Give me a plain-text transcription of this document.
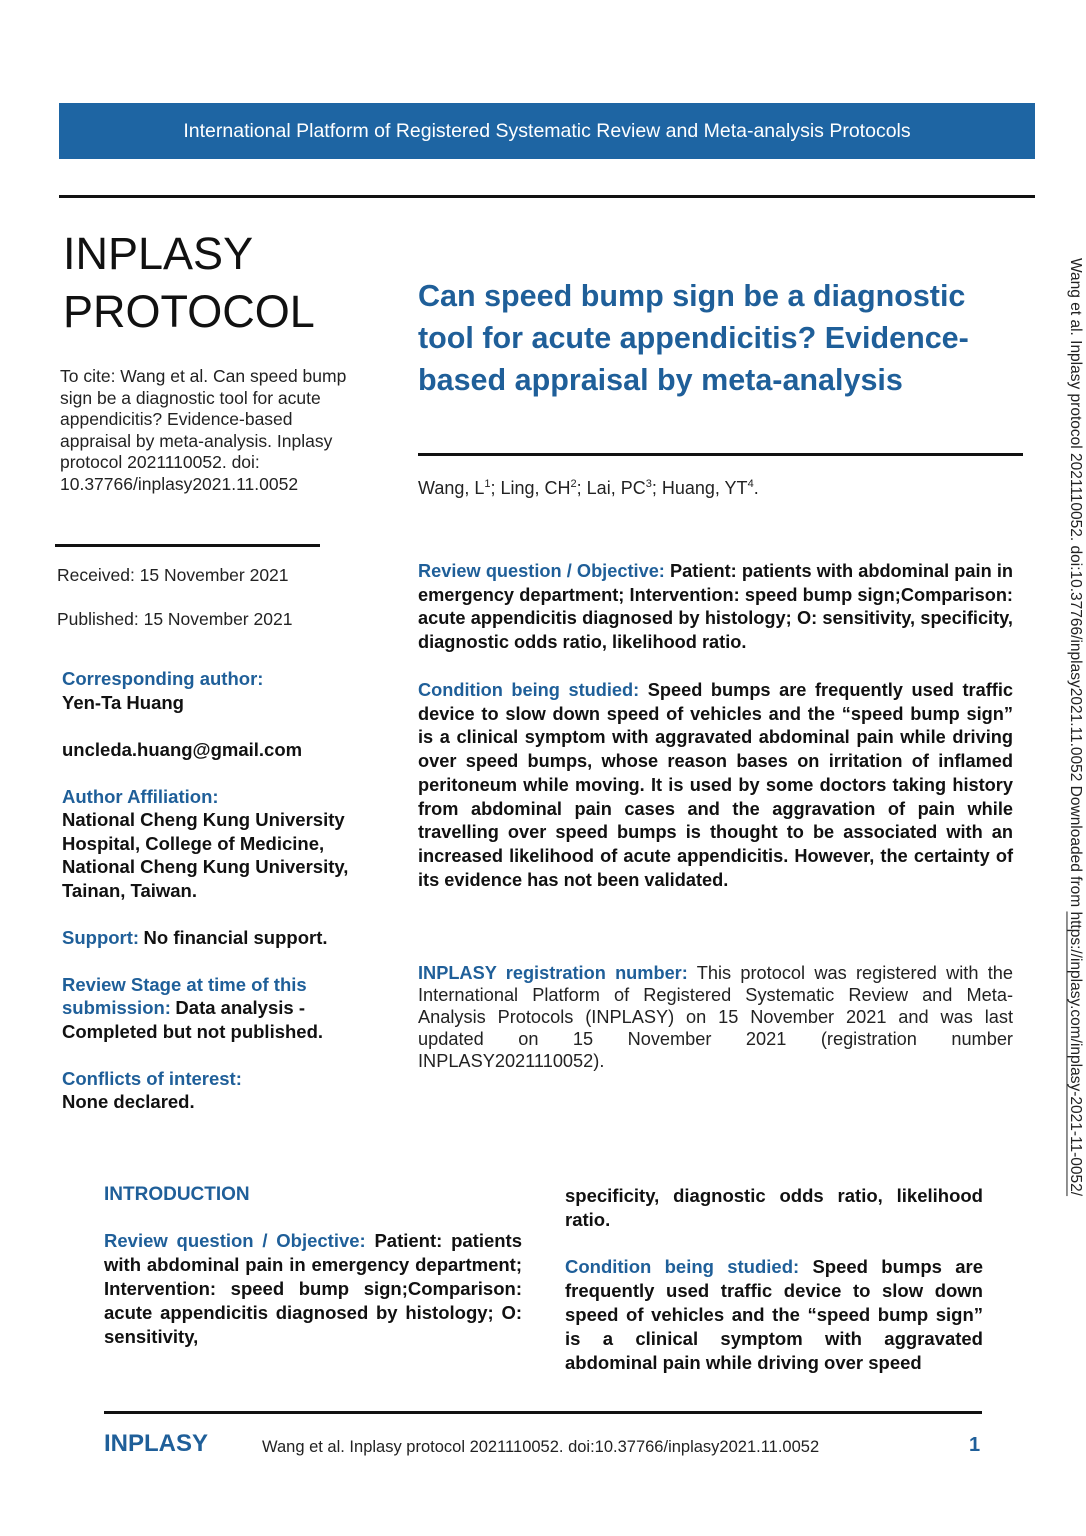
International Platform of Registered Systematic Review and Meta-analysis Protocols
INPLASY
PROTOCOL
To cite: Wang et al. Can speed bump sign be a diagnostic tool for acute appendicitis? Evidence-based appraisal by meta-analysis. Inplasy protocol 2021110052. doi: 10.37766/inplasy2021.11.0052
Received: 15 November 2021
Published: 15 November 2021
Corresponding author:
Yen-Ta Huang
uncleda.huang@gmail.com
Author Affiliation:
National Cheng Kung University Hospital, College of Medicine, National Cheng Kung University, Tainan, Taiwan.
Support: No financial support.
Review Stage at time of this submission: Data analysis - Completed but not published.
Conflicts of interest:
None declared.
Can speed bump sign be a diagnostic tool for acute appendicitis? Evidence-based appraisal by meta-analysis
Wang, $L^1$; Ling, $CH^2$; Lai, $PC^3$; Huang, $YT^4$.
Review question / Objective: Patient: patients with abdominal pain in emergency department; Intervention: speed bump sign;Comparison: acute appendicitis diagnosed by histology; O: sensitivity, specificity, diagnostic odds ratio, likelihood ratio.
Condition being studied: Speed bumps are frequently used traffic device to slow down speed of vehicles and the “speed bump sign” is a clinical symptom with aggravated abdominal pain while driving over speed bumps, whose reason bases on irritation of inflamed peritoneum while moving. It is used by some doctors taking history from abdominal pain cases and the aggravation of pain while travelling over speed bumps is thought to be associated with an increased likelihood of acute appendicitis. However, the certainty of its evidence has not been validated.
INPLASY registration number: This protocol was registered with the International Platform of Registered Systematic Review and Meta-Analysis Protocols (INPLASY) on 15 November 2021 and was last updated on 15 November 2021 (registration number INPLASY2021110052).
INTRODUCTION
Review question / Objective: Patient: patients with abdominal pain in emergency department; Intervention: speed bump sign;Comparison: acute appendicitis diagnosed by histology; O: sensitivity,
specificity, diagnostic odds ratio, likelihood ratio.
Condition being studied: Speed bumps are frequently used traffic device to slow down speed of vehicles and the “speed bump sign” is a clinical symptom with aggravated abdominal pain while driving over speed
Wang et al. Inplasy protocol 2021110052. doi:10.37766/inplasy2021.11.0052 Downloaded from https://inplasy.com/inplasy-2021-11-0052/
INPLASY	Wang et al. Inplasy protocol 2021110052. doi:10.37766/inplasy2021.11.0052	1
